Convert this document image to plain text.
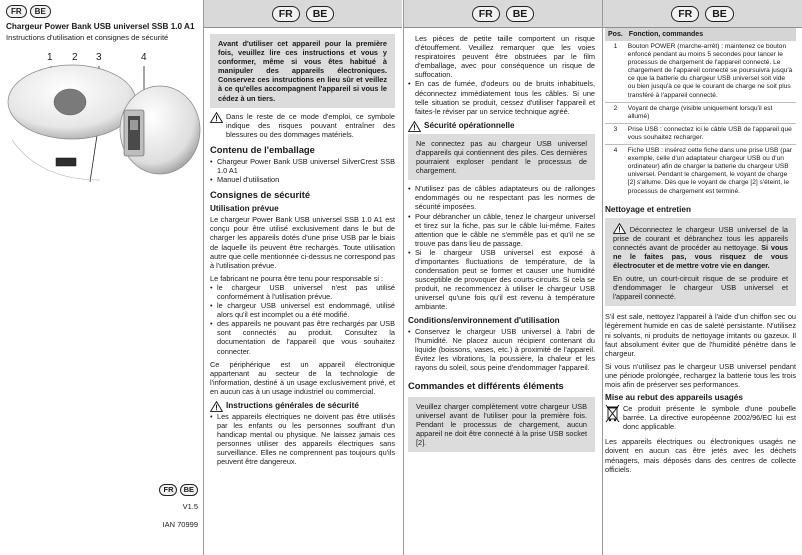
FR	BE
Chargeur Power Bank USB universel SSB 1.0 A1
Instructions d'utilisation et consignes de sécurité
1 2 3	4
FR BE
V1.5
IAN 70999
FR	BE

Avant d'utiliser cet appareil pour la première fois, veuillez lire ces instructions et vous y conformer, même si vous êtes habitué à manipuler des appareils électroniques. Conservez ces instructions en lieu sûr et veillez à ce qu'elles accompagnent l'appareil si vous le cédez à un tiers.

Dans le reste de ce mode d'emploi, ce symbole indique des risques pouvant entraîner des blessures ou des dommages matériels.

Contenu de l'emballage
• Chargeur Power Bank USB universel SilverCrest SSB 1.0 A1
• Manuel d'utilisation
Consignes de sécurité
Utilisation prévue

Le chargeur Power Bank USB universel SSB 1.0 A1 est conçu pour être utilisé exclusivement dans le but de charger les appareils dotés d'une prise USB par le biais de laquelle ils peuvent être rechargés. Toute utilisation autre que celle mentionnée ci-dessus ne correspond pas à l'utilisation prévue.

Le fabricant ne pourra être tenu pour responsable si :

• le chargeur USB universel n'est pas utilisé conformément à l'utilisation prévue.
• le chargeur USB universel est endommagé, utilisé alors qu'il est incomplet ou a été modifié.
• des appareils ne pouvant pas être rechargés par USB sont connectés au produit. Consultez la documentation de l'appareil que vous souhaitez connecter.

Ce périphérique est un appareil électronique appartenant au secteur de la technologie de l'information, destiné à un usage exclusivement privé, et en aucun cas à un usage industriel ou commercial.

Instructions générales de sécurité
• Les appareils électriques ne doivent pas être utilisés par les enfants ou les personnes souffrant d'un handicap mental ou physique. Ne laissez jamais ces personnes utiliser des appareils électriques sans surveillance. Elles ne comprennent pas toujours qu'ils peuvent être dangereux.
FR	BE

Les pièces de petite taille comportent un risque d'étouffement. Veuillez remarquer que les voies respiratoires peuvent être obstruées par le film d'emballage, avec pour conséquence un risque de suffocation.

• En cas de fumée, d'odeurs ou de bruits inhabituels, déconnectez immédiatement tous les câbles. Si une telle situation se produit, cessez d'utiliser l'appareil et faites-le réviser par un service technique agréé.
Sécurité opérationnelle

Ne connectez pas au chargeur USB universel d'appareils qui contiennent des piles. Ces dernières pourraient exploser pendant le processus de chargement.

• N'utilisez pas de câbles adaptateurs ou de rallonges endommagés ou ne respectant pas les normes de sécurité imposées.
• Pour débrancher un câble, tenez le chargeur universel et tirez sur la fiche, pas sur le câble lui-même. Faites attention que le câble ne s'emmêle pas et qu'il ne se trouve pas dans lieu de passage.
• Si le chargeur USB universel est exposé à d'importantes fluctuations de température, de la condensation peut se former et causer une humidité susceptible de provoquer des courts-circuits. Si cela se produit, ne recommencez à utiliser le chargeur USB universel qu'une fois qu'il est revenu à température ambiante.
Conditions/environnement d'utilisation
• Conservez le chargeur USB universel à l'abri de l'humidité. Ne placez aucun récipient contenant du liquide (boissons, vases, etc.) à proximité de l'appareil. Évitez les vibrations, la poussière, la chaleur et les rayons du soleil, sous peine d'endommager l'appareil.
Commandes et différents éléments

Veuillez charger complètement votre chargeur USB universel avant de l'utiliser pour la première fois. Pendant le processus de chargement, aucun appareil ne doit être connecté à la prise USB socket [2].

FR	BE
Pos.	Fonction, commandes
1	Bouton POWER (marche-arrêt) : maintenez ce bouton enfoncé pendant au moins 5 secondes pour lancer le processus de chargement de l'appareil connecté. Le chargement de l'appareil connecté se poursuivra jusqu'à ce que la batterie du chargeur USB universel soit vide ou bien jusqu'à ce que le courant de charge ne soit plus transféré à l'appareil connecté.
2	Voyant de charge (visible uniquement lorsqu'il est allumé)
3	Prise USB : connectez ici le câble USB de l'appareil que vous souhaitez recharger.
4	Fiche USB : insérez cette fiche dans une prise USB (par exemple, celle d'un adaptateur chargeur USB ou d'un ordinateur) afin de charger la batterie du chargeur USB universel. Pendant le chargement, le voyant de charge [2] s'allume. Dès que le voyant de charge [2] s'éteint, le processus de chargement est terminé.
Nettoyage et entretien

Déconnectez le chargeur USB universel de la prise de courant et débranchez tous les appareils connectés avant de procéder au nettoyage. Si vous ne le faites pas, vous risquez de vous électrocuter et de mettre votre vie en danger.

En outre, un court-circuit risque de se produire et d'endommager le chargeur USB universel et l'appareil connecté.

S'il est sale, nettoyez l'appareil à l'aide d'un chiffon sec ou légèrement humide en cas de saleté persistante. N'utilisez ni solvants, ni produits de nettoyage irritants ou gazeux. Il faut absolument éviter que de l'humidité pénètre dans le chargeur.

Si vous n'utilisez pas le chargeur USB universel pendant une période prolongée, rechargez la batterie tous les trois mois afin de préserver ses performances.

Mise au rebut des appareils usagés

Ce produit présente le symbole d'une poubelle barrée. La directive européenne 2002/96/EC lui est donc applicable.

Les appareils électriques ou électroniques usagés ne doivent en aucun cas être jetés avec les déchets ménagers, mais déposés dans des centres de collecte officiels.
